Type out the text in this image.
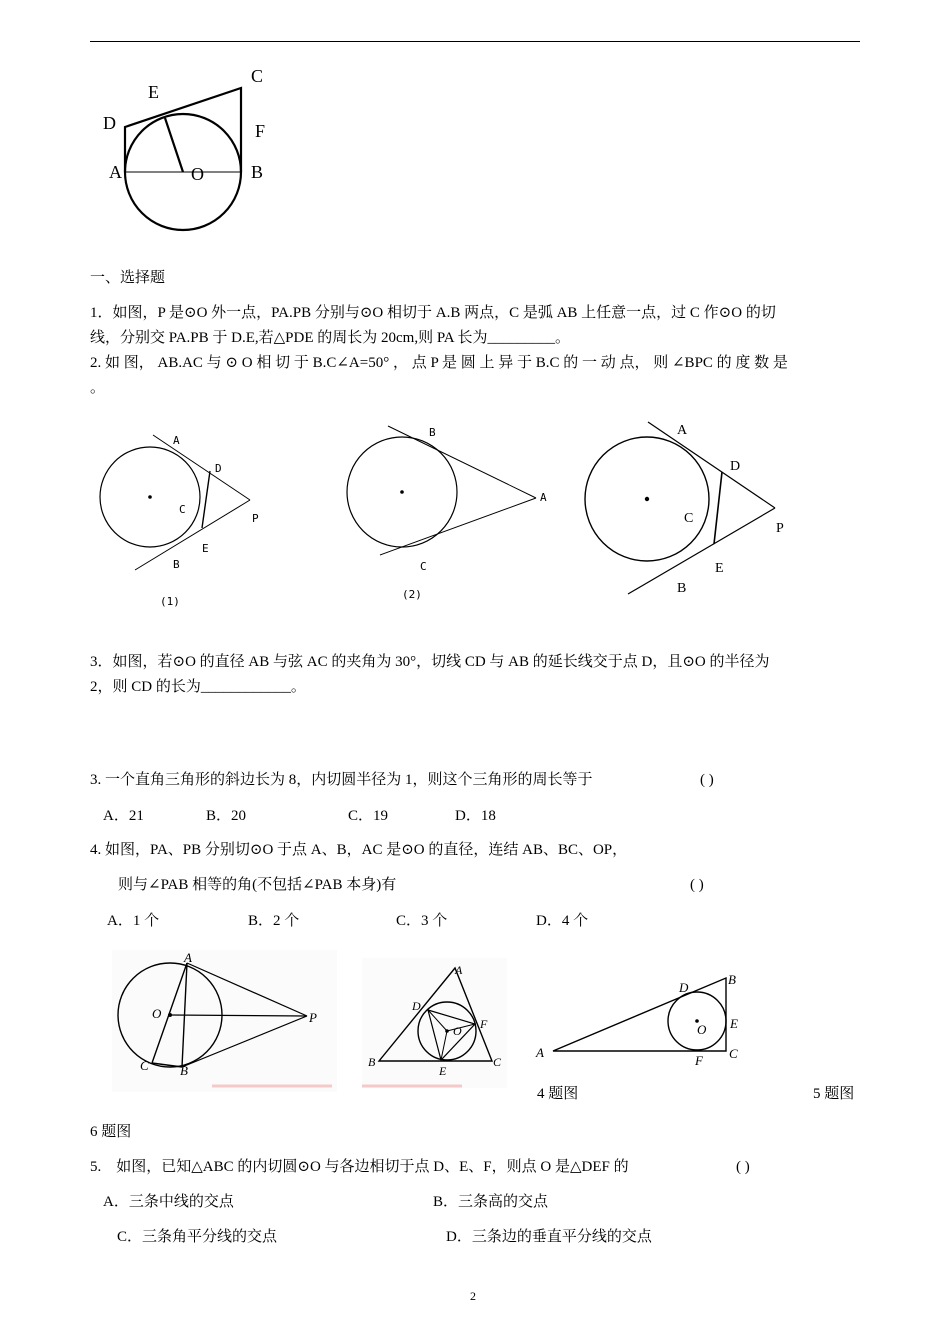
A	B
C
D
E
F
O
一、选择题
1．如图，P 是⊙O 外一点，PA.PB 分别与⊙O 相切于 A.B 两点，C 是弧 AB 上任意一点，过 C 作⊙O 的切
线，分别交 PA.PB 于 D.E,若△PDE 的周长为 20cm,则 PA 长为_________。
2. 如 图， AB.AC 与 ⊙ O 相 切 于 B.C∠A=50° ， 点 P 是 圆 上 异 于 B.C 的 一 动 点， 则 ∠BPC 的 度 数 是
。
A
D
C
P
E
B
(1)
B
A
C
(2)
A
D
C
P
E
B
3．如图，若⊙O 的直径 AB 与弦 AC 的夹角为 30°，切线 CD 与 AB 的延长线交于点 D，且⊙O 的半径为
2，则 CD 的长为____________。
3. 一个直角三角形的斜边长为 8，内切圆半径为 1，则这个三角形的周长等于	( )
A．21	B．20	C．19	D．18
4. 如图，PA、PB 分别切⊙O 于点 A、B，AC 是⊙O 的直径，连结 AB、BC、OP，
则与∠PAB 相等的角(不包括∠PAB 本身)有	( )
A．1 个	B．2 个	C．3 个	D．4 个
A
O	P
C B
A
D
F
O
B	C
E
A
B
D
O E
F C
4 题图	5 题图
6 题图
5.　如图，已知△ABC 的内切圆⊙O 与各边相切于点 D、E、F，则点 O 是△DEF 的	( )
A．三条中线的交点	B．三条高的交点
C．三条角平分线的交点	D．三条边的垂直平分线的交点
2
